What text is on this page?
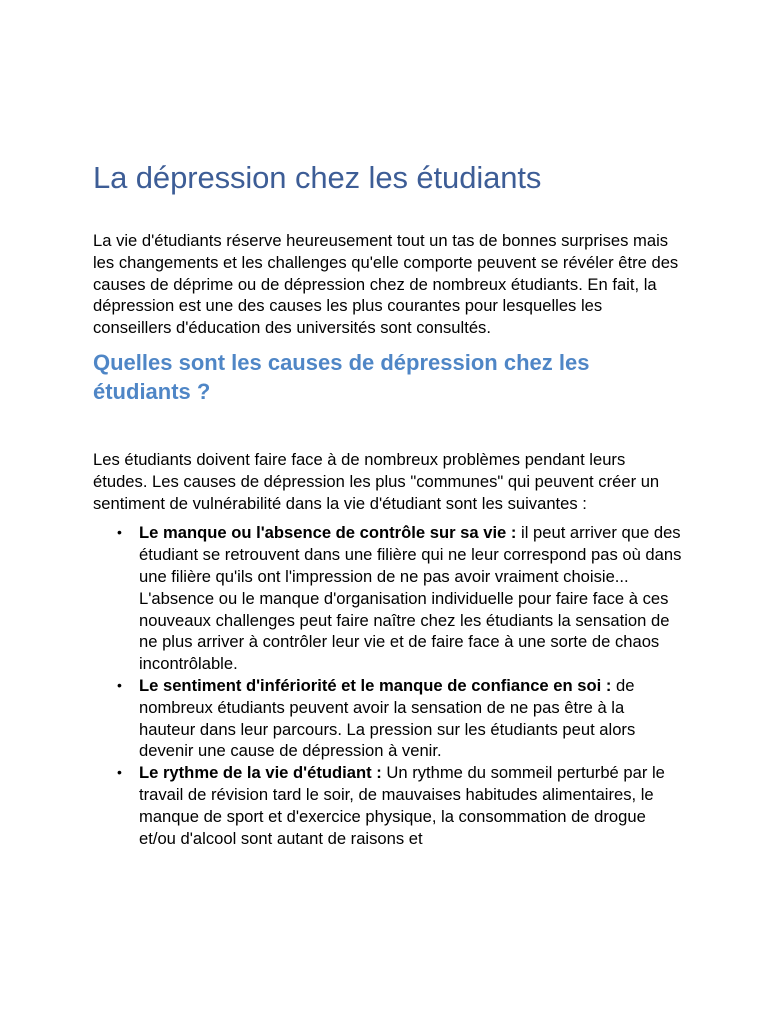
La dépression chez les étudiants

La vie d'étudiants réserve heureusement tout un tas de bonnes surprises mais les changements et les challenges qu'elle comporte peuvent se révéler être des causes de déprime ou de dépression chez de nombreux étudiants. En fait, la dépression est une des causes les plus courantes pour lesquelles les conseillers d'éducation des universités sont consultés.

Quelles sont les causes de dépression chez les étudiants ?

Les étudiants doivent faire face à de nombreux problèmes pendant leurs études. Les causes de dépression les plus "communes" qui peuvent créer un sentiment de vulnérabilité dans la vie d'étudiant sont les suivantes :

• Le manque ou l'absence de contrôle sur sa vie : il peut arriver que des étudiant se retrouvent dans une filière qui ne leur correspond pas où dans une filière qu'ils ont l'impression de ne pas avoir vraiment choisie... L'absence ou le manque d'organisation individuelle pour faire face à ces nouveaux challenges peut faire naître chez les étudiants la sensation de ne plus arriver à contrôler leur vie et de faire face à une sorte de chaos incontrôlable.
• Le sentiment d'infériorité et le manque de confiance en soi : de nombreux étudiants peuvent avoir la sensation de ne pas être à la hauteur dans leur parcours. La pression sur les étudiants peut alors devenir une cause de dépression à venir.
• Le rythme de la vie d'étudiant : Un rythme du sommeil perturbé par le travail de révision tard le soir, de mauvaises habitudes alimentaires, le manque de sport et d'exercice physique, la consommation de drogue et/ou d'alcool sont autant de raisons et
